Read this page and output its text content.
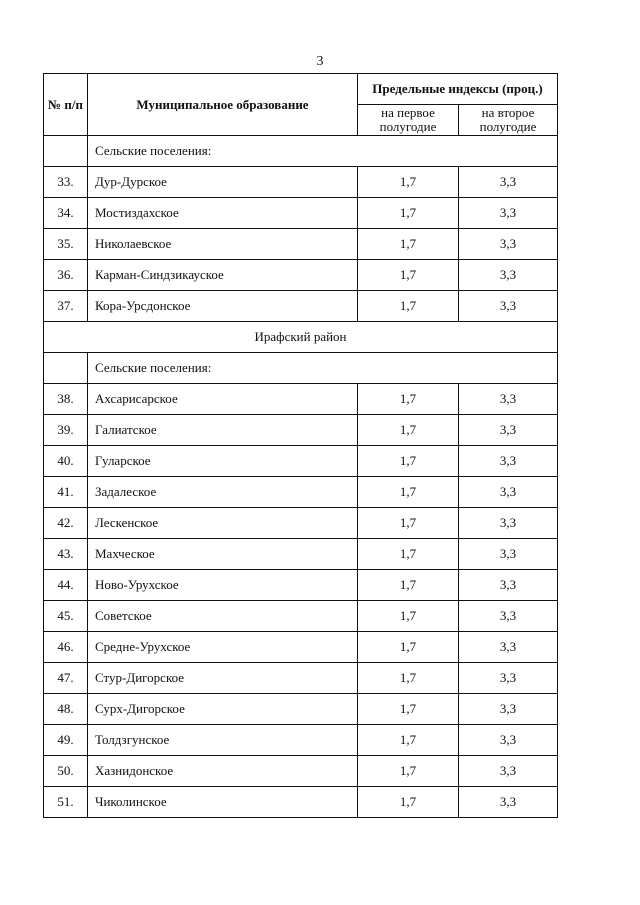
3
№ п/п	Муниципальное образование	Предельные индексы (проц.)	
		на первое полугодие	на второе полугодие
	Сельские поселения:		
33.	Дур-Дурское	1,7	3,3
34.	Мостиздахское	1,7	3,3
35.	Николаевское	1,7	3,3
36.	Карман-Синдзикауское	1,7	3,3
37.	Кора-Урсдонское	1,7	3,3
Ирафский район			
	Сельские поселения:		
38.	Ахсарисарское	1,7	3,3
39.	Галиатское	1,7	3,3
40.	Гуларское	1,7	3,3
41.	Задалеское	1,7	3,3
42.	Лескенское	1,7	3,3
43.	Махческое	1,7	3,3
44.	Ново-Урухское	1,7	3,3
45.	Советское	1,7	3,3
46.	Средне-Урухское	1,7	3,3
47.	Стур-Дигорское	1,7	3,3
48.	Сурх-Дигорское	1,7	3,3
49.	Толдзгунское	1,7	3,3
50.	Хазнидонское	1,7	3,3
51.	Чиколинское	1,7	3,3
